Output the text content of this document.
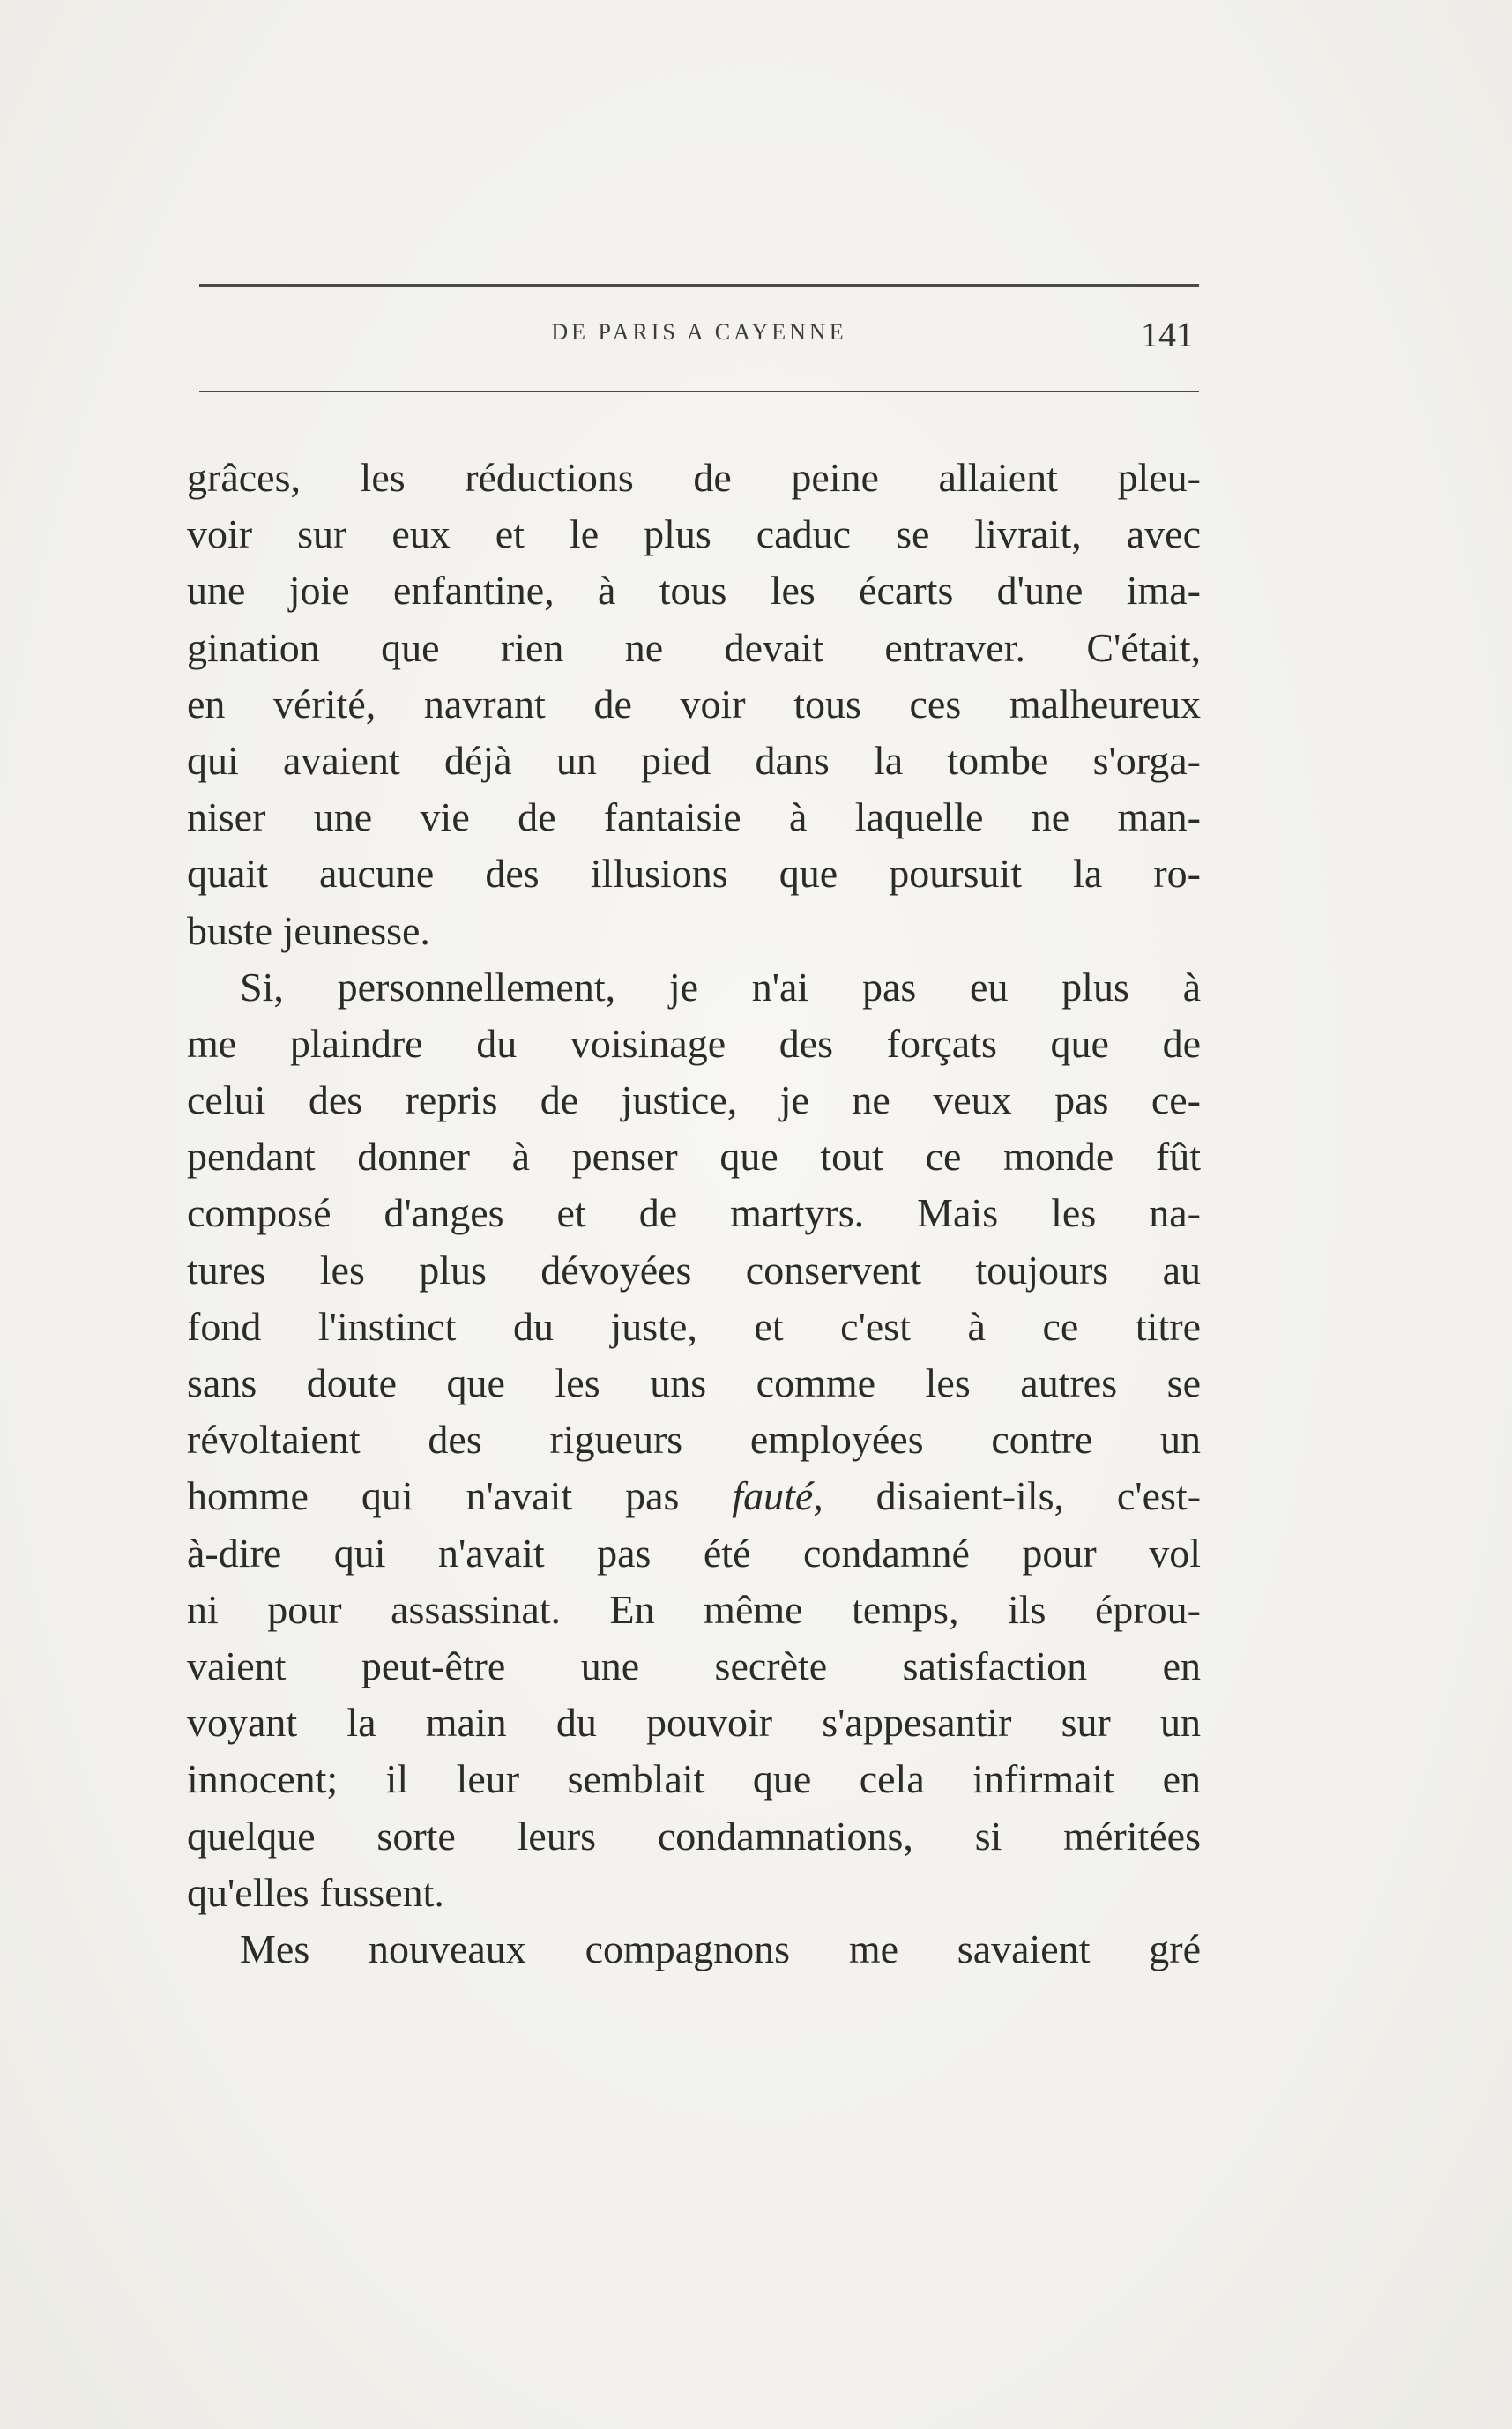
DE PARIS A CAYENNE	141
grâces, les réductions de peine allaient pleu-
voir sur eux et le plus caduc se livrait, avec
une joie enfantine, à tous les écarts d'une ima-
gination que rien ne devait entraver. C'était,
en vérité, navrant de voir tous ces malheureux
qui avaient déjà un pied dans la tombe s'orga-
niser une vie de fantaisie à laquelle ne man-
quait aucune des illusions que poursuit la ro-
buste jeunesse.
Si, personnellement, je n'ai pas eu plus à
me plaindre du voisinage des forçats que de
celui des repris de justice, je ne veux pas ce-
pendant donner à penser que tout ce monde fût
composé d'anges et de martyrs. Mais les na-
tures les plus dévoyées conservent toujours au
fond l'instinct du juste, et c'est à ce titre
sans doute que les uns comme les autres se
révoltaient des rigueurs employées contre un
homme qui n'avait pas fauté, disaient-ils, c'est-
à-dire qui n'avait pas été condamné pour vol
ni pour assassinat. En même temps, ils éprou-
vaient peut-être une secrète satisfaction en
voyant la main du pouvoir s'appesantir sur un
innocent; il leur semblait que cela infirmait en
quelque sorte leurs condamnations, si méritées
qu'elles fussent.
Mes nouveaux compagnons me savaient gré
